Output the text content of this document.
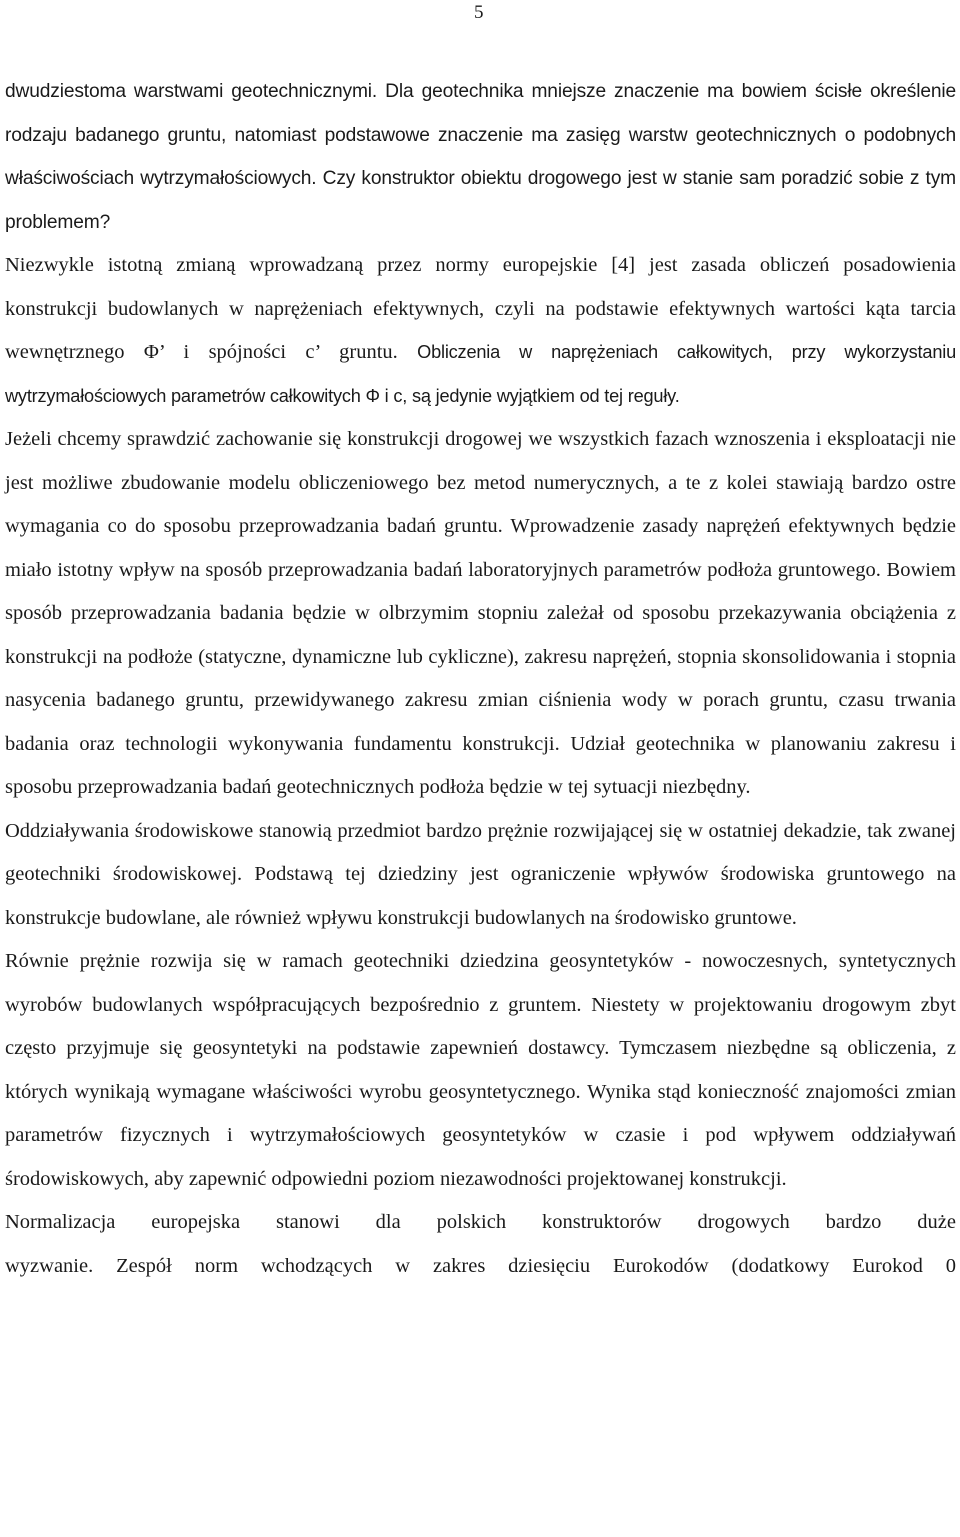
5

dwudziestoma warstwami geotechnicznymi. Dla geotechnika mniejsze znaczenie ma bowiem ścisłe określenie rodzaju badanego gruntu, natomiast podstawowe znaczenie ma zasięg warstw geotechnicznych o podobnych właściwościach wytrzymałościowych. Czy konstruktor obiektu drogowego jest w stanie sam poradzić sobie z tym problemem?

Niezwykle istotną zmianą wprowadzaną przez normy europejskie [4] jest zasada obliczeń posadowienia konstrukcji budowlanych w naprężeniach efektywnych, czyli na podstawie efektywnych wartości kąta tarcia wewnętrznego Φ’ i spójności c’ gruntu. Obliczenia w naprężeniach całkowitych, przy wykorzystaniu wytrzymałościowych parametrów całkowitych Φ i c, są jedynie wyjątkiem od tej reguły.

Jeżeli chcemy sprawdzić zachowanie się konstrukcji drogowej we wszystkich fazach wznoszenia i eksploatacji nie jest możliwe zbudowanie modelu obliczeniowego bez metod numerycznych, a te z kolei stawiają bardzo ostre wymagania co do sposobu przeprowadzania badań gruntu. Wprowadzenie zasady naprężeń efektywnych będzie miało istotny wpływ na sposób przeprowadzania badań laboratoryjnych parametrów podłoża gruntowego. Bowiem sposób przeprowadzania badania będzie w olbrzymim stopniu zależał od sposobu przekazywania obciążenia z konstrukcji na podłoże (statyczne, dynamiczne lub cykliczne), zakresu naprężeń, stopnia skonsolidowania i stopnia nasycenia badanego gruntu, przewidywanego zakresu zmian ciśnienia wody w porach gruntu, czasu trwania badania oraz technologii wykonywania fundamentu konstrukcji. Udział geotechnika w planowaniu zakresu i sposobu przeprowadzania badań geotechnicznych podłoża będzie w tej sytuacji niezbędny.

Oddziaływania środowiskowe stanowią przedmiot bardzo prężnie rozwijającej się w ostatniej dekadzie, tak zwanej geotechniki środowiskowej. Podstawą tej dziedziny jest ograniczenie wpływów środowiska gruntowego na konstrukcje budowlane, ale również wpływu konstrukcji budowlanych na środowisko gruntowe.

Równie prężnie rozwija się w ramach geotechniki dziedzina geosyntetyków - nowoczesnych, syntetycznych wyrobów budowlanych współpracujących bezpośrednio z gruntem. Niestety w projektowaniu drogowym zbyt często przyjmuje się geosyntetyki na podstawie zapewnień dostawcy. Tymczasem niezbędne są obliczenia, z których wynikają wymagane właściwości wyrobu geosyntetycznego. Wynika stąd konieczność znajomości zmian parametrów fizycznych i wytrzymałościowych geosyntetyków w czasie i pod wpływem oddziaływań środowiskowych, aby zapewnić odpowiedni poziom niezawodności projektowanej konstrukcji.

Normalizacja europejska stanowi dla polskich konstruktorów drogowych bardzo duże

wyzwanie. Zespół norm wchodzących w zakres dziesięciu Eurokodów (dodatkowy Eurokod 0
